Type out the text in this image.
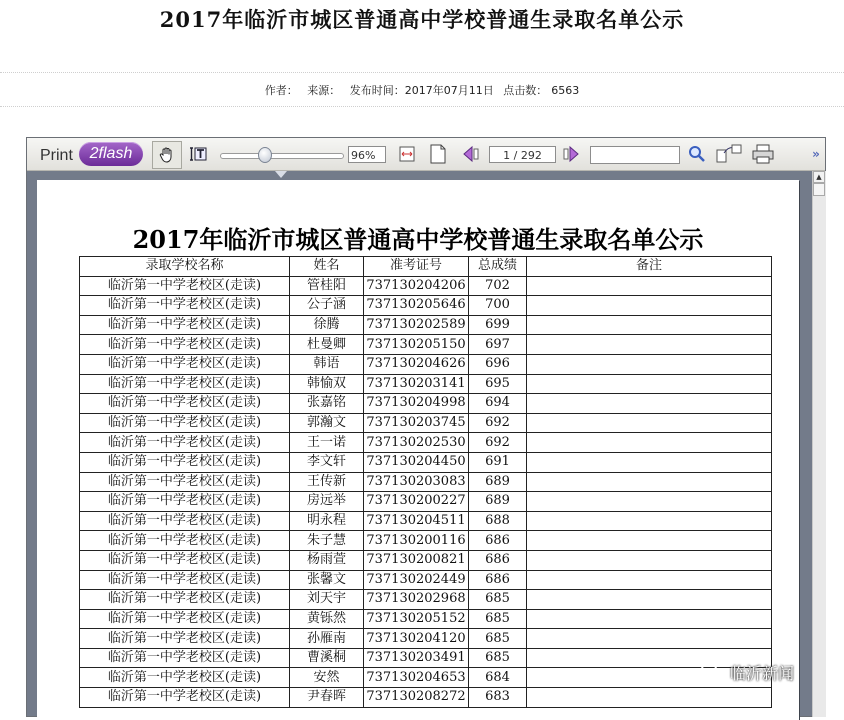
2017年临沂市城区普通高中学校普通生录取名单公示
作者： 来源： 发布时间：2017年07月11日 点击数： 6563
Print	2flash	96%	1 / 292	»
2017年临沂市城区普通高中学校普通生录取名单公示
录取学校名称	姓名	准考证号	总成绩	备注
临沂第一中学老校区(走读)	管桂阳	737130204206	702	
临沂第一中学老校区(走读)	公子涵	737130205646	700	
临沂第一中学老校区(走读)	徐腾	737130202589	699	
临沂第一中学老校区(走读)	杜曼卿	737130205150	697	
临沂第一中学老校区(走读)	韩语	737130204626	696	
临沂第一中学老校区(走读)	韩愉双	737130203141	695	
临沂第一中学老校区(走读)	张嘉铭	737130204998	694	
临沂第一中学老校区(走读)	郭瀚文	737130203745	692	
临沂第一中学老校区(走读)	王一诺	737130202530	692	
临沂第一中学老校区(走读)	李文轩	737130204450	691	
临沂第一中学老校区(走读)	王传新	737130203083	689	
临沂第一中学老校区(走读)	房远举	737130200227	689	
临沂第一中学老校区(走读)	明永程	737130204511	688	
临沂第一中学老校区(走读)	朱子慧	737130200116	686	
临沂第一中学老校区(走读)	杨雨萱	737130200821	686	
临沂第一中学老校区(走读)	张馨文	737130202449	686	
临沂第一中学老校区(走读)	刘天宇	737130202968	685	
临沂第一中学老校区(走读)	黄铄然	737130205152	685	
临沂第一中学老校区(走读)	孙雁南	737130204120	685	
临沂第一中学老校区(走读)	曹溪桐	737130203491	685	
临沂第一中学老校区(走读)	安然	737130204653	684	
临沂第一中学老校区(走读)	尹春晖	737130208272	683	
▲
临沂新闻
